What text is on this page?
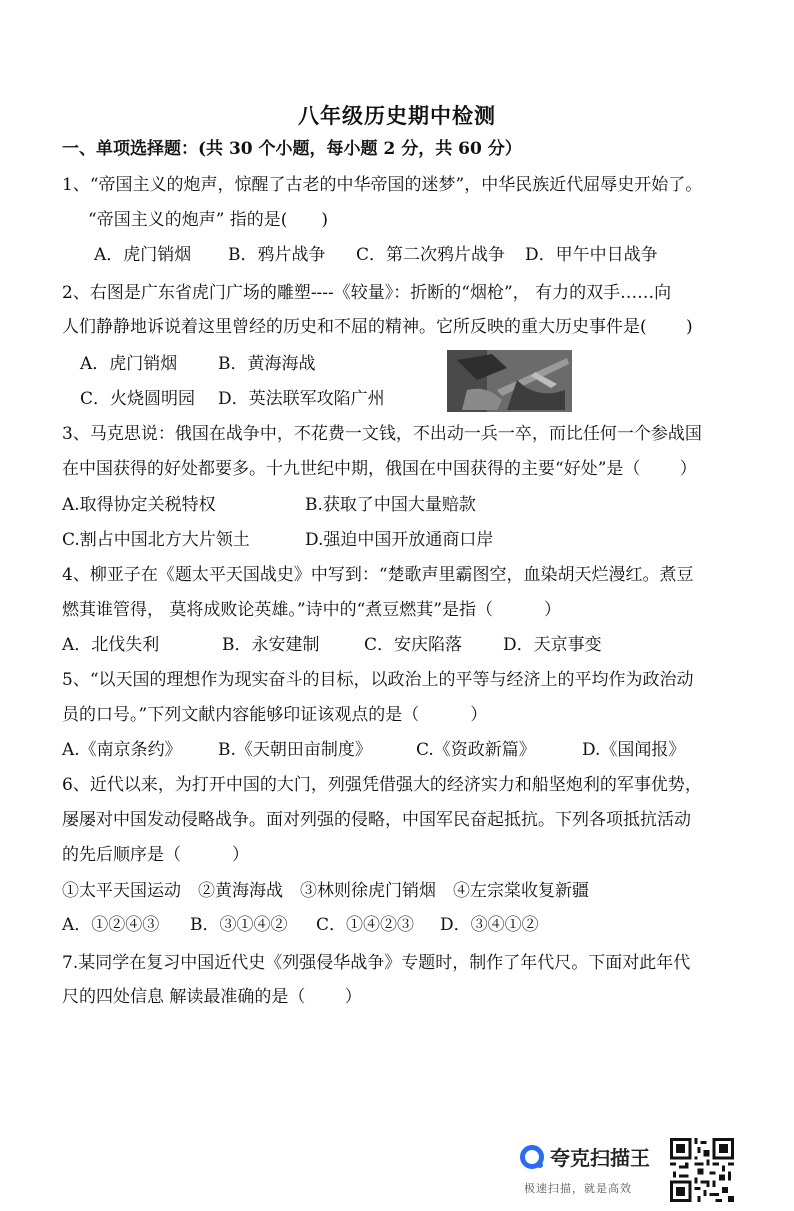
八年级历史期中检测
一、单项选择题：(共 30 个小题，每小题 2 分，共 60 分）
1、“帝国主义的炮声，惊醒了古老的中华帝国的迷梦”，中华民族近代屈辱史开始了。
“帝国主义的炮声” 指的是(　　)
A．虎门销烟 B．鸦片战争 C．第二次鸦片战争 D．甲午中日战争
2、右图是广东省虎门广场的雕塑----《较量》：折断的“烟枪”， 有力的双手……向
人们静静地诉说着这里曾经的历史和不屈的精神。它所反映的重大历史事件是(　　 )
A．虎门销烟 B．黄海海战
C．火烧圆明园 D．英法联军攻陷广州
3、马克思说：俄国在战争中，不花费一文钱，不出动一兵一卒，而比任何一个参战国
在中国获得的好处都要多。十九世纪中期，俄国在中国获得的主要“好处”是（　　 ）
A.取得协定关税特权	B.获取了中国大量赔款
C.割占中国北方大片领土	D.强迫中国开放通商口岸
4、柳亚子在《题太平天国战史》中写到：“楚歌声里霸图空，血染胡天烂漫红。煮豆
燃萁谁管得， 莫将成败论英雄。”诗中的“煮豆燃萁”是指（　　　）
A．北伐失利	B．永安建制	C．安庆陷落 D．天京事变
5、“以天国的理想作为现实奋斗的目标，以政治上的平等与经济上的平均作为政治动
员的口号。”下列文献内容能够印证该观点的是（　　　）
A.《南京条约》 B.《天朝田亩制度》	C.《资政新篇》	D.《国闻报》
6、近代以来，为打开中国的大门，列强凭借强大的经济实力和船坚炮利的军事优势，
屡屡对中国发动侵略战争。面对列强的侵略，中国军民奋起抵抗。下列各项抵抗活动
的先后顺序是（　　　）
①太平天国运动　②黄海海战　③林则徐虎门销烟　④左宗棠收复新疆
A．①②④③ B．③①④② C．①④②③ D．③④①②
7.某同学在复习中国近代史《列强侵华战争》专题时，制作了年代尺。下面对此年代
尺的四处信息 解读最准确的是（　　 ）
夸克扫描王
极速扫描，就是高效
